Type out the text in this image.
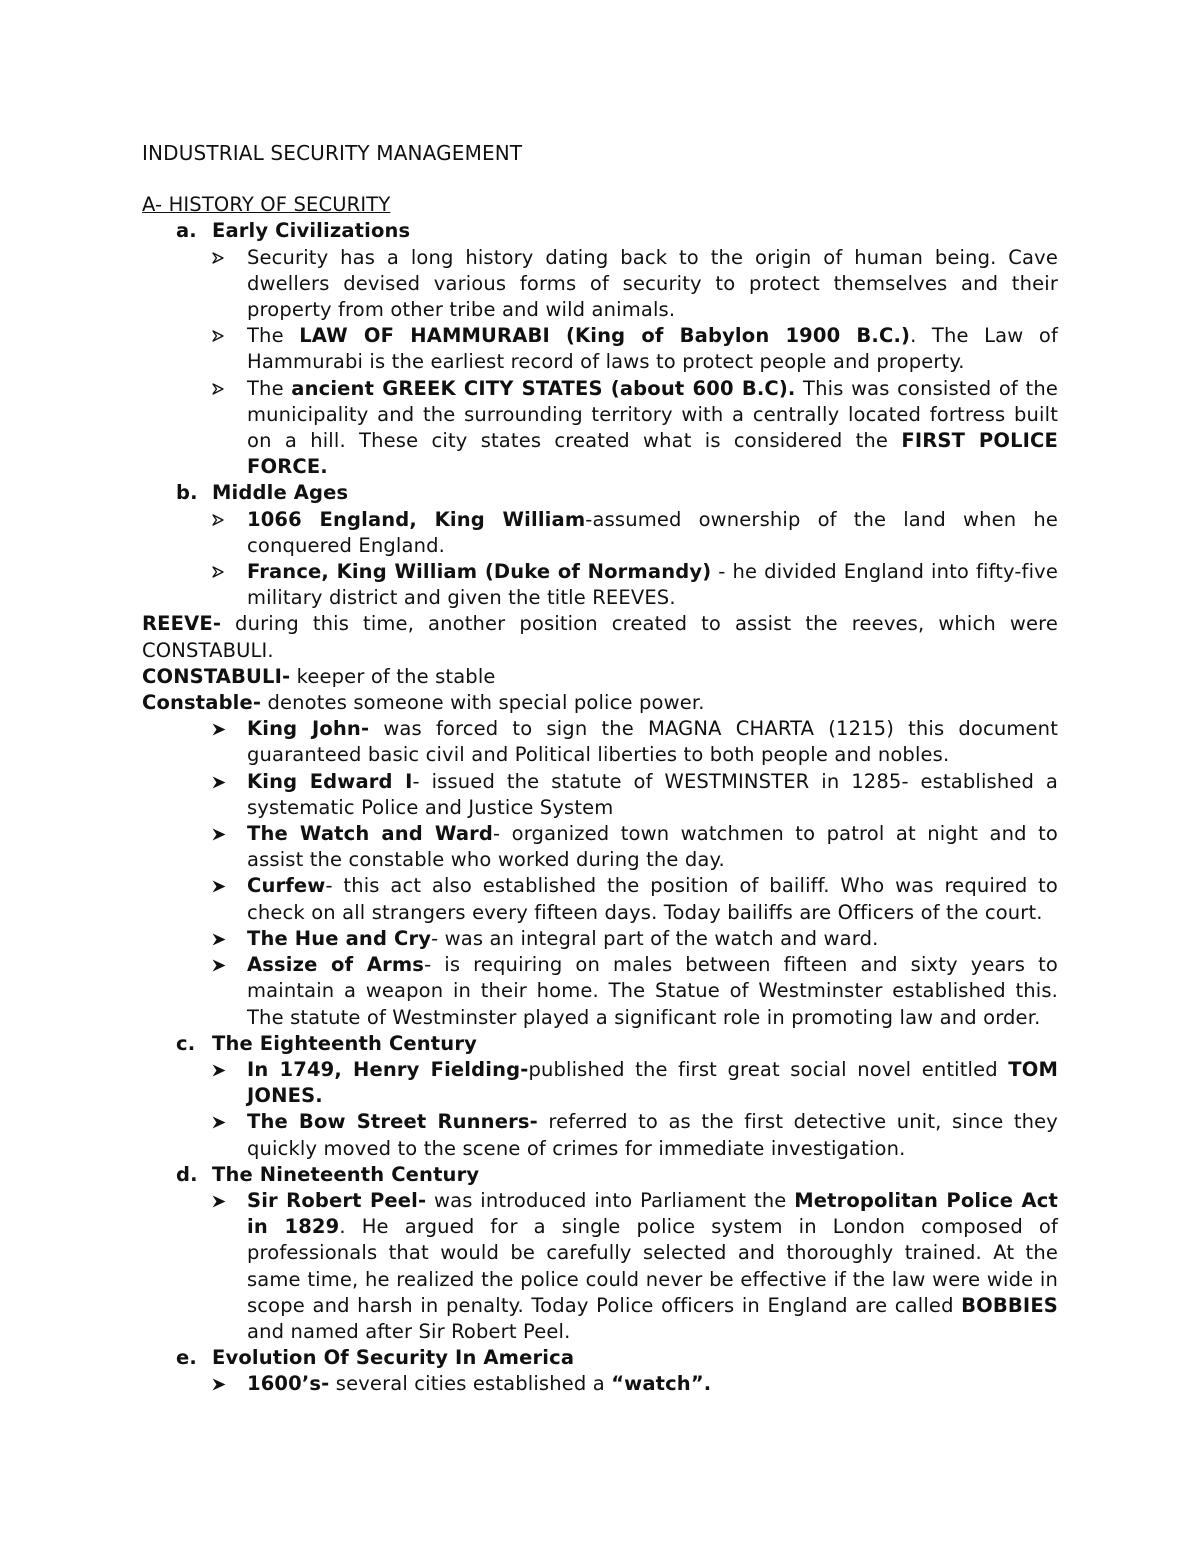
INDUSTRIAL SECURITY MANAGEMENT
A- HISTORY OF SECURITY
a. Early Civilizations
Security has a long history dating back to the origin of human being. Cave dwellers devised various forms of security to protect themselves and their property from other tribe and wild animals.
The LAW OF HAMMURABI (King of Babylon 1900 B.C.). The Law of Hammurabi is the earliest record of laws to protect people and property.
The ancient GREEK CITY STATES (about 600 B.C). This was consisted of the municipality and the surrounding territory with a centrally located fortress built on a hill. These city states created what is considered the FIRST POLICE FORCE.
b. Middle Ages
1066 England, King William-assumed ownership of the land when he conquered England.
France, King William (Duke of Normandy) - he divided England into fifty-five military district and given the title REEVES.
REEVE- during this time, another position created to assist the reeves, which were CONSTABULI.
CONSTABULI- keeper of the stable
Constable- denotes someone with special police power.
King John- was forced to sign the MAGNA CHARTA (1215) this document guaranteed basic civil and Political liberties to both people and nobles.
King Edward I- issued the statute of WESTMINSTER in 1285- established a systematic Police and Justice System
The Watch and Ward- organized town watchmen to patrol at night and to assist the constable who worked during the day.
Curfew- this act also established the position of bailiff. Who was required to check on all strangers every fifteen days. Today bailiffs are Officers of the court.
The Hue and Cry- was an integral part of the watch and ward.
Assize of Arms- is requiring on males between fifteen and sixty years to maintain a weapon in their home. The Statue of Westminster established this. The statute of Westminster played a significant role in promoting law and order.
c. The Eighteenth Century
In 1749, Henry Fielding-published the first great social novel entitled TOM JONES.
The Bow Street Runners- referred to as the first detective unit, since they quickly moved to the scene of crimes for immediate investigation.
d. The Nineteenth Century
Sir Robert Peel- was introduced into Parliament the Metropolitan Police Act in 1829. He argued for a single police system in London composed of professionals that would be carefully selected and thoroughly trained. At the same time, he realized the police could never be effective if the law were wide in scope and harsh in penalty. Today Police officers in England are called BOBBIES and named after Sir Robert Peel.
e. Evolution Of Security In America
1600’s- several cities established a “watch”.
